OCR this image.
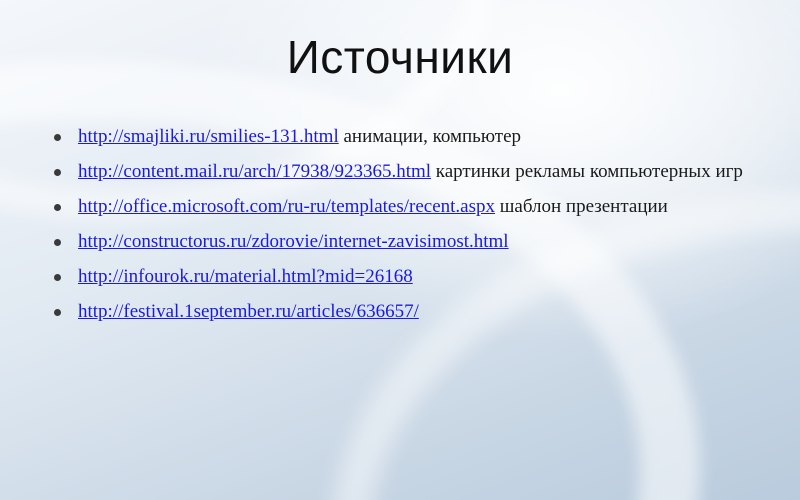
Источники
http://smajliki.ru/smilies-131.html анимации, компьютер
http://content.mail.ru/arch/17938/923365.html картинки рекламы компьютерных игр
http://office.microsoft.com/ru-ru/templates/recent.aspx шаблон презентации
http://constructorus.ru/zdorovie/internet-zavisimost.html
http://infourok.ru/material.html?mid=26168
http://festival.1september.ru/articles/636657/
